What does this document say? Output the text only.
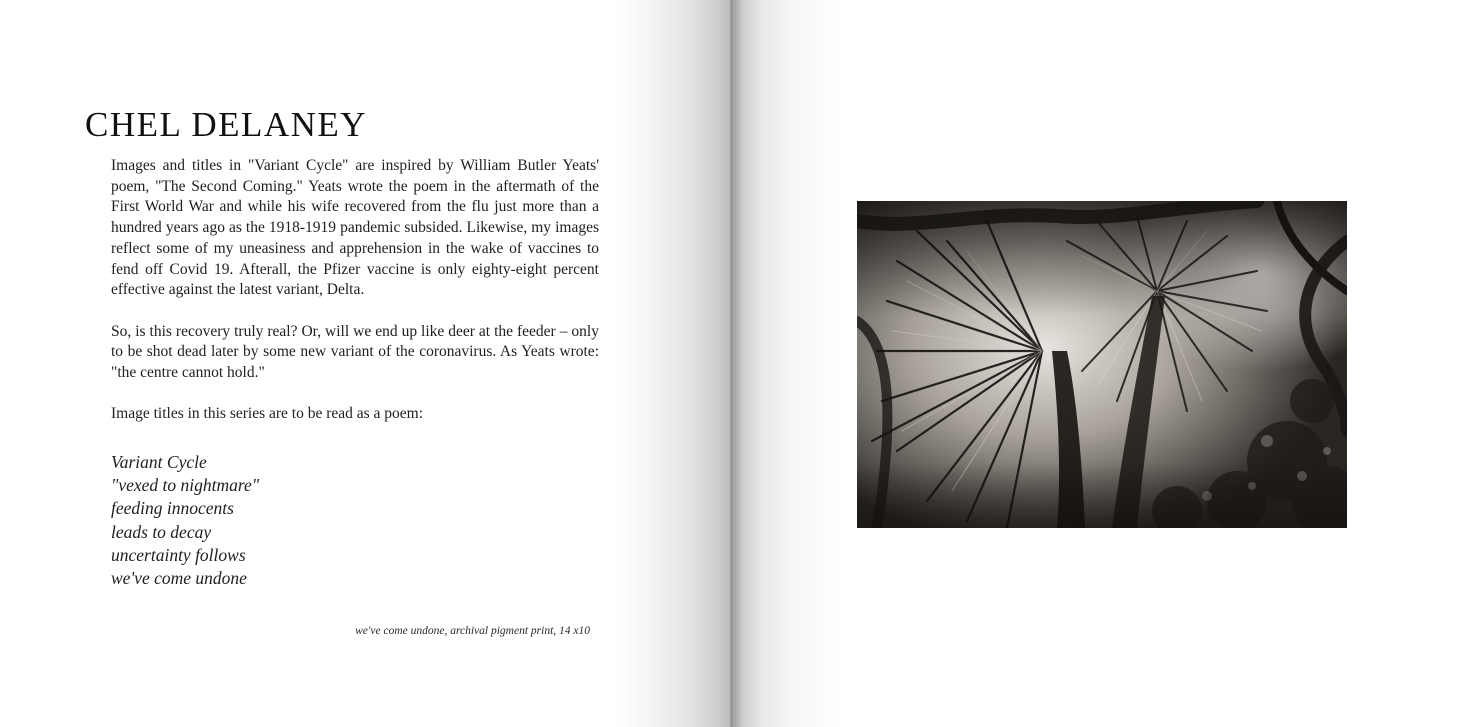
CHEL DELANEY

Images and titles in "Variant Cycle" are inspired by William Butler Yeats' poem, "The Second Coming." Yeats wrote the poem in the aftermath of the First World War and while his wife recovered from the flu just more than a hundred years ago as the 1918-1919 pandemic subsided. Likewise, my images reflect some of my uneasiness and apprehension in the wake of vaccines to fend off Covid 19. Afterall, the Pfizer vaccine is only eighty-eight percent effective against the latest variant, Delta.

So, is this recovery truly real? Or, will we end up like deer at the feeder – only to be shot dead later by some new variant of the coronavirus. As Yeats wrote: "the centre cannot hold."

Image titles in this series are to be read as a poem:

Variant Cycle
"vexed to nightmare"
feeding innocents
leads to decay
uncertainty follows
we've come undone
we've come undone, archival pigment print, 14 x10
